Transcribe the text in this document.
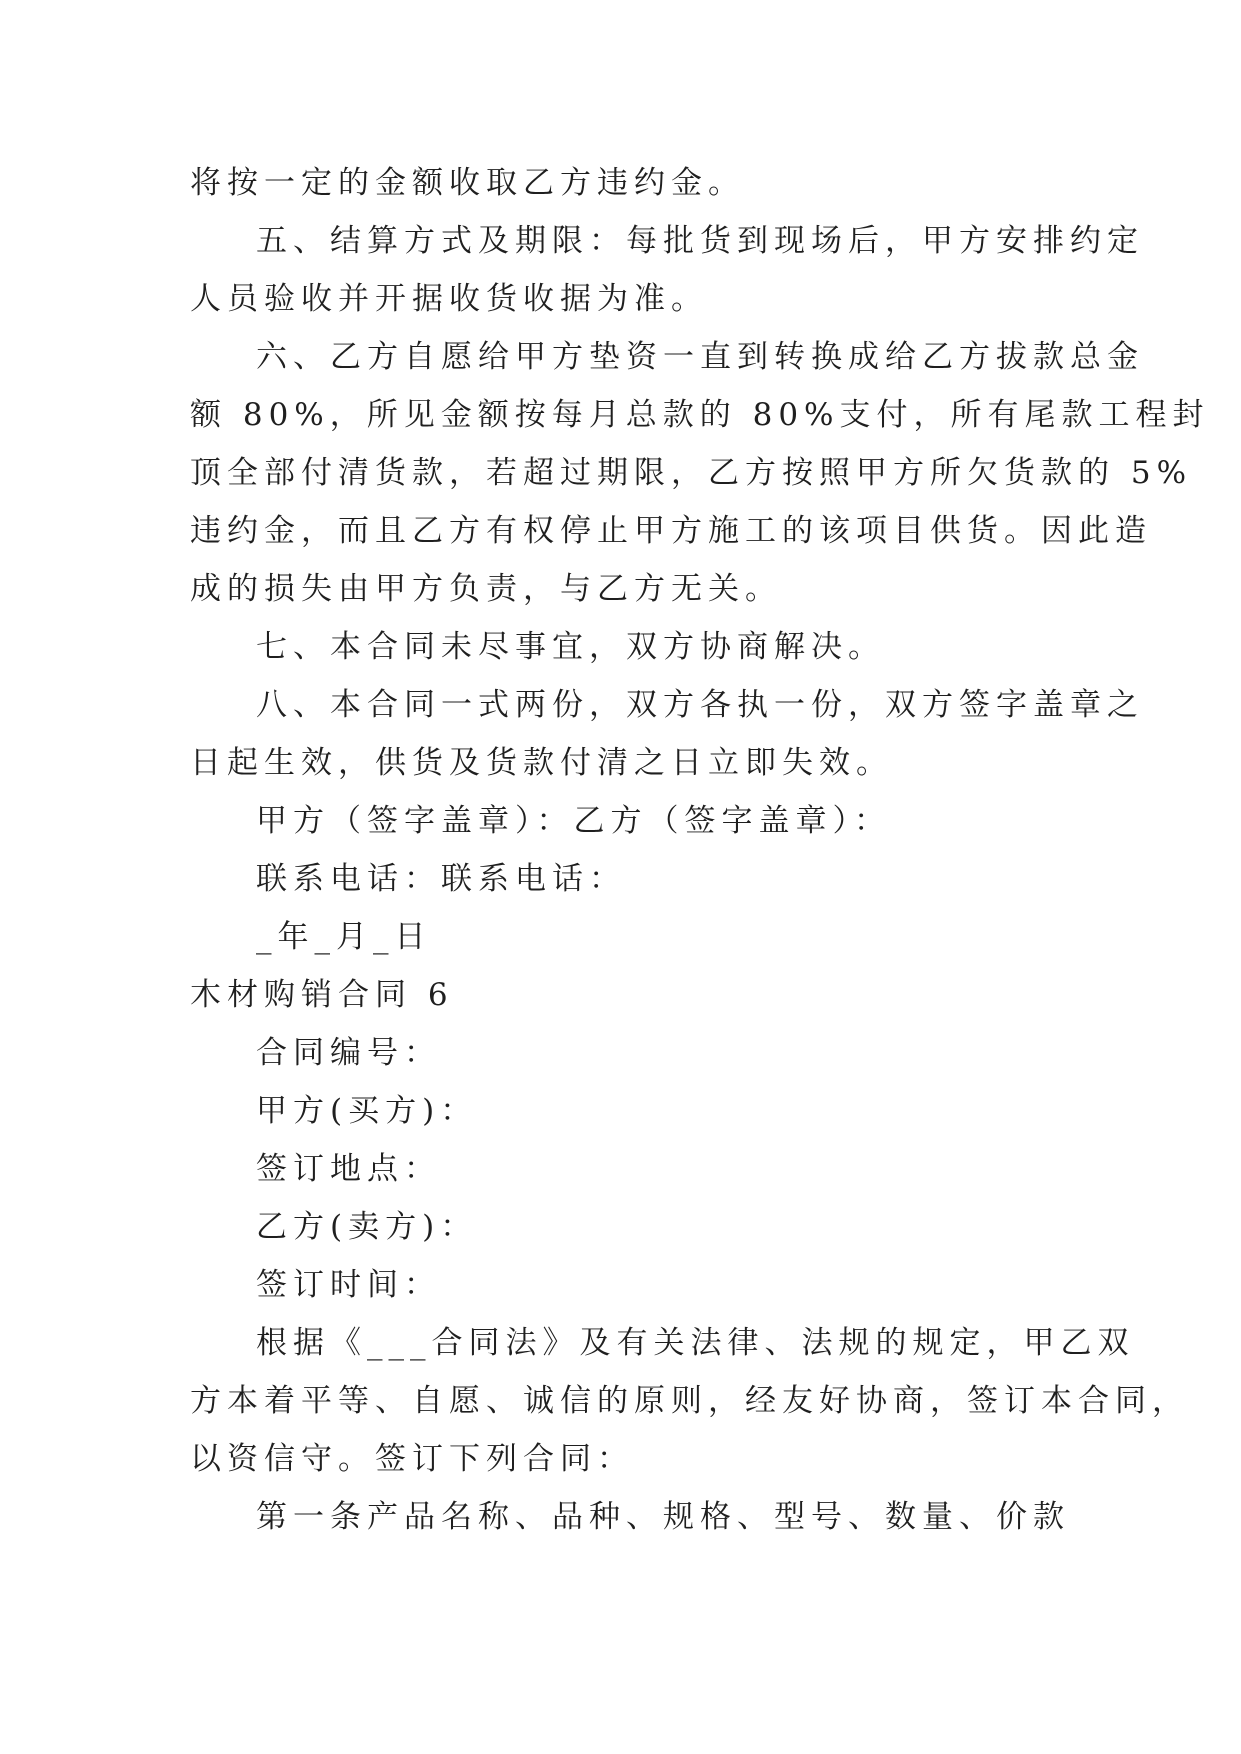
将按一定的金额收取乙方违约金。
五、结算方式及期限：每批货到现场后，甲方安排约定
人员验收并开据收货收据为准。
六、乙方自愿给甲方垫资一直到转换成给乙方拔款总金
额 80%，所见金额按每月总款的 80%支付，所有尾款工程封
顶全部付清货款，若超过期限，乙方按照甲方所欠货款的 5%
违约金，而且乙方有权停止甲方施工的该项目供货。因此造
成的损失由甲方负责，与乙方无关。
七、本合同未尽事宜，双方协商解决。
八、本合同一式两份，双方各执一份，双方签字盖章之
日起生效，供货及货款付清之日立即失效。
甲方（签字盖章）：乙方（签字盖章）：
联系电话：联系电话：
_年_月_日
木材购销合同 6
合同编号：
甲方(买方)：
签订地点：
乙方(卖方)：
签订时间：
根据《___合同法》及有关法律、法规的规定，甲乙双
方本着平等、自愿、诚信的原则，经友好协商，签订本合同，
以资信守。签订下列合同：
第一条产品名称、品种、规格、型号、数量、价款
